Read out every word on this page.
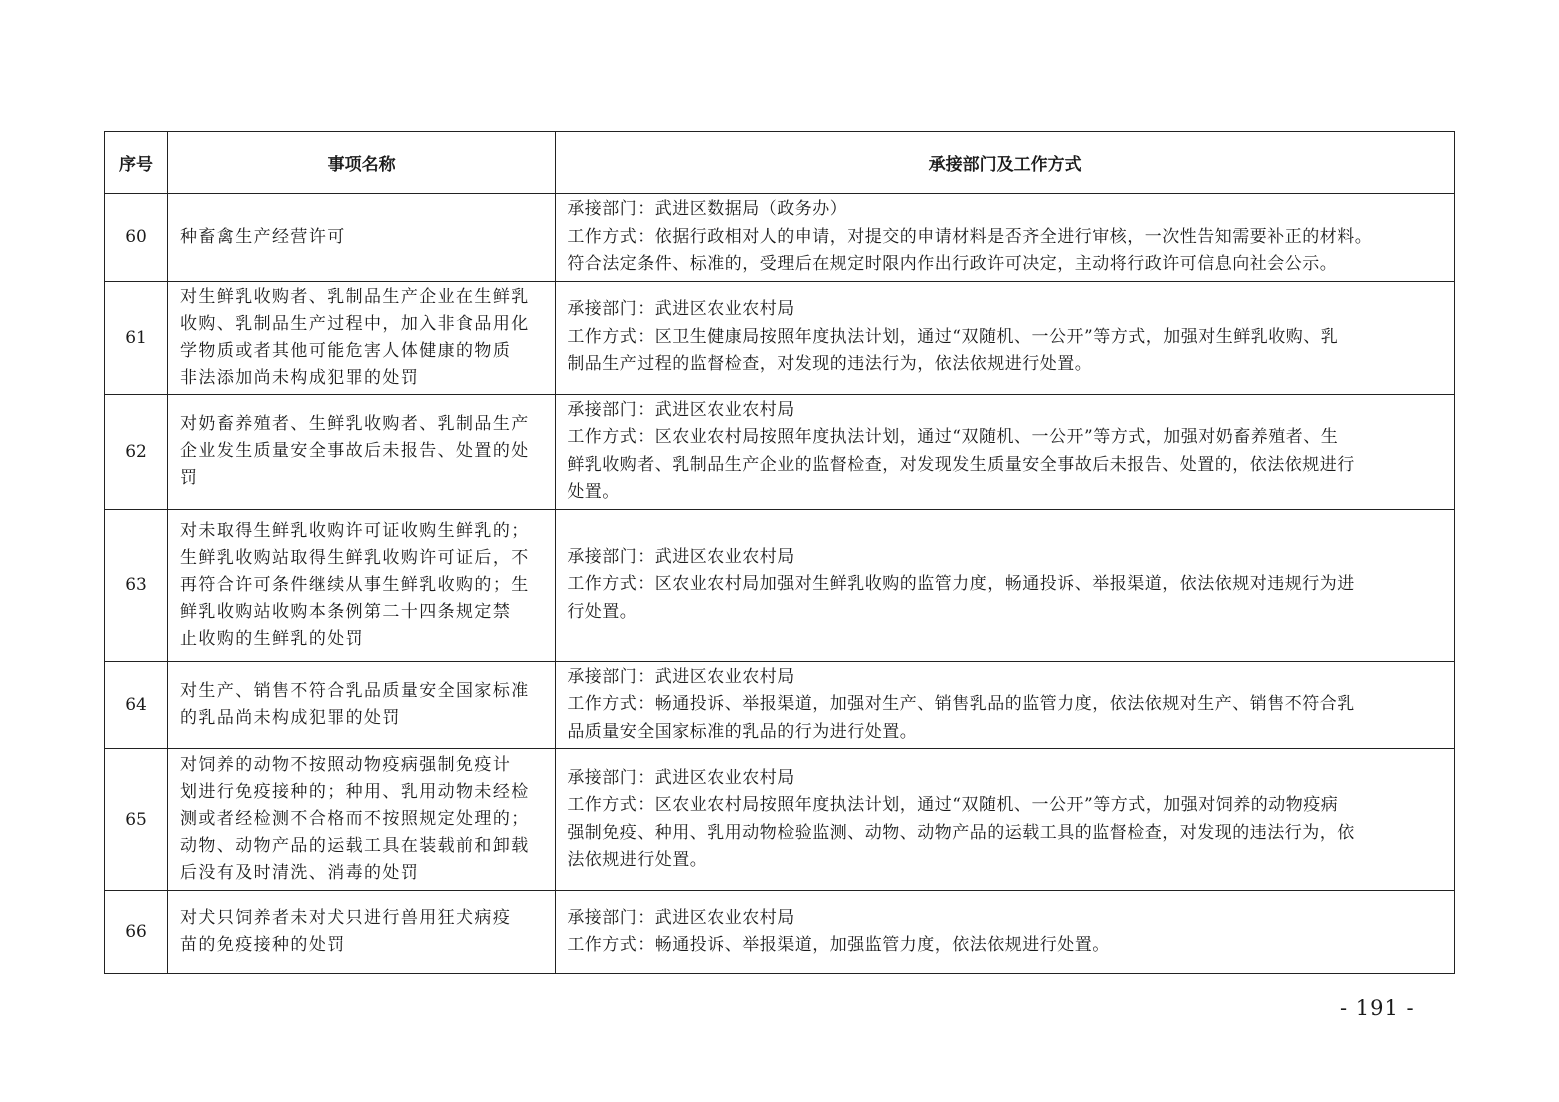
序号	事项名称	承接部门及工作方式
60	种畜禽生产经营许可	承接部门：武进区数据局（政务办）
工作方式：依据行政相对人的申请，对提交的申请材料是否齐全进行审核，一次性告知需要补正的材料。
符合法定条件、标准的，受理后在规定时限内作出行政许可决定，主动将行政许可信息向社会公示。

61	对生鲜乳收购者、乳制品生产企业在生鲜乳
收购、乳制品生产过程中，加入非食品用化
学物质或者其他可能危害人体健康的物质
非法添加尚未构成犯罪的处罚	承接部门：武进区农业农村局
工作方式：区卫生健康局按照年度执法计划，通过“双随机、一公开”等方式，加强对生鲜乳收购、乳
制品生产过程的监督检查，对发现的违法行为，依法依规进行处置。

62	对奶畜养殖者、生鲜乳收购者、乳制品生产
企业发生质量安全事故后未报告、处置的处
罚	承接部门：武进区农业农村局
工作方式：区农业农村局按照年度执法计划，通过“双随机、一公开”等方式，加强对奶畜养殖者、生
鲜乳收购者、乳制品生产企业的监督检查，对发现发生质量安全事故后未报告、处置的，依法依规进行
处置。

63	对未取得生鲜乳收购许可证收购生鲜乳的；
生鲜乳收购站取得生鲜乳收购许可证后，不
再符合许可条件继续从事生鲜乳收购的；生
鲜乳收购站收购本条例第二十四条规定禁
止收购的生鲜乳的处罚	承接部门：武进区农业农村局
工作方式：区农业农村局加强对生鲜乳收购的监管力度，畅通投诉、举报渠道，依法依规对违规行为进
行处置。

64	对生产、销售不符合乳品质量安全国家标准
的乳品尚未构成犯罪的处罚	承接部门：武进区农业农村局
工作方式：畅通投诉、举报渠道，加强对生产、销售乳品的监管力度，依法依规对生产、销售不符合乳
品质量安全国家标准的乳品的行为进行处置。

65	对饲养的动物不按照动物疫病强制免疫计
划进行免疫接种的；种用、乳用动物未经检
测或者经检测不合格而不按照规定处理的；
动物、动物产品的运载工具在装载前和卸载
后没有及时清洗、消毒的处罚	承接部门：武进区农业农村局
工作方式：区农业农村局按照年度执法计划，通过“双随机、一公开”等方式，加强对饲养的动物疫病
强制免疫、种用、乳用动物检验监测、动物、动物产品的运载工具的监督检查，对发现的违法行为，依
法依规进行处置。

66	对犬只饲养者未对犬只进行兽用狂犬病疫
苗的免疫接种的处罚	承接部门：武进区农业农村局
工作方式：畅通投诉、举报渠道，加强监管力度，依法依规进行处置。
- 191 -
